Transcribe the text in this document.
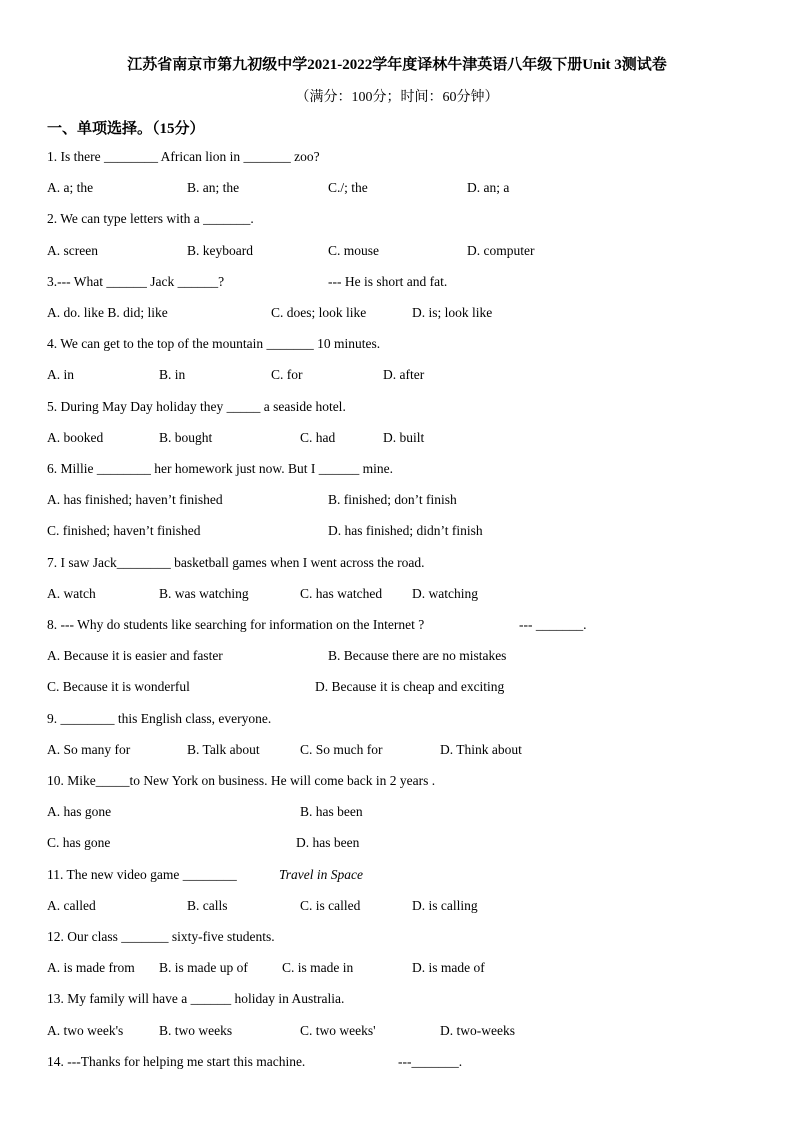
江苏省南京市第九初级中学2021-2022学年度译林牛津英语八年级下册Unit 3测试卷
（满分：100分；时间：60分钟）
一、单项选择。（15分）
1. Is there ________ African lion in _______ zoo?
A. a; the	B. an; the	C./; the	D. an; a
2. We can type letters with a _______.
A. screen	B. keyboard	C. mouse	D. computer
3.--- What ______ Jack ______?	--- He is short and fat.
A. do. like B. did; like	C. does; look like	D. is; look like
4. We can get to the top of the mountain _______ 10 minutes.
A. in	B. in	C. for	D. after
5. During May Day holiday they _____ a seaside hotel.
A. booked	B. bought	C. had	D. built
6. Millie ________ her homework just now. But I ______ mine.
A. has finished; haven’t finished	B. finished; don’t finish
C. finished; haven’t finished	D. has finished; didn’t finish
7. I saw Jack________ basketball games when I went across the road.
A. watch	B. was watching	C. has watched D. watching
8. --- Why do students like searching for information on the Internet ?	--- _______.
A. Because it is easier and faster	B. Because there are no mistakes
C. Because it is wonderful	D. Because it is cheap and exciting
9. ________ this English class, everyone.
A. So many for	B. Talk about	C. So much for	D. Think about
10. Mike_____to New York on business. He will come back in 2 years .
A. has gone	B. has been
C. has gone	D. has been
11. The new video game ________	Travel in Space
A. called	B. calls	C. is called	D. is calling
12. Our class _______ sixty-five students.
A. is made from B. is made up of	C. is made in	D. is made of
13. My family will have a ______ holiday in Australia.
A. two week's	B. two weeks	C. two weeks'	D. two-weeks
14. ---Thanks for helping me start this machine.	---_______.
